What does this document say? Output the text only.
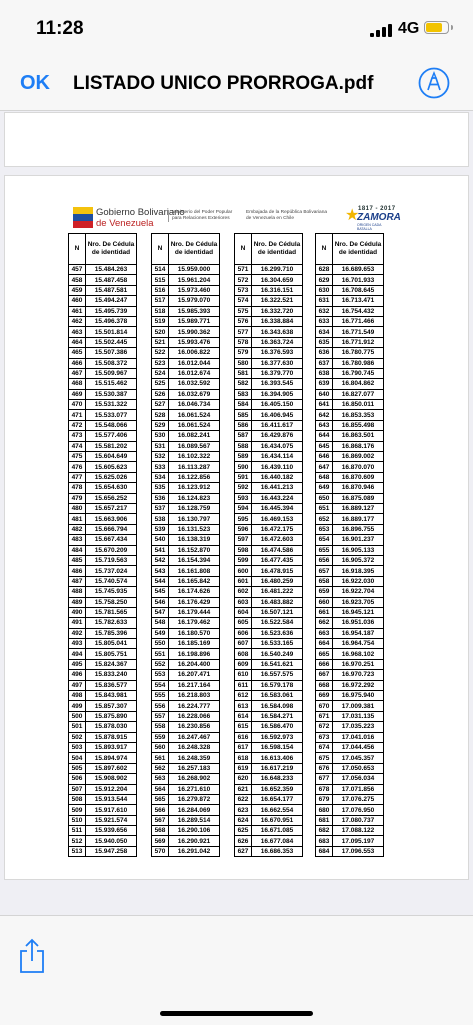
11:28	4G
OK LISTADO UNICO PRORROGA.pdf
Gobierno Bolivariano
de Venezuela
Ministerio del Poder Popular
para Relaciones Exteriores
Embajada de la República Bolivariana
de Venezuela en Chile	★
1817 - 2017
ZAMORA
ORIGEN CADA BATALLA
N	Nro. De Cédula de identidad
457	15.484.263
458	15.487.458
459	15.487.581
460	15.494.247
461	15.495.739
462	15.496.378
463	15.501.814
464	15.502.445
465	15.507.386
466	15.508.372
467	15.509.967
468	15.515.462
469	15.530.387
470	15.531.322
471	15.533.077
472	15.548.066
473	15.577.406
474	15.581.202
475	15.604.649
476	15.605.623
477	15.625.026
478	15.654.630
479	15.656.252
480	15.657.217
481	15.663.906
482	15.666.794
483	15.667.434
484	15.670.209
485	15.719.563
486	15.737.024
487	15.740.574
488	15.745.935
489	15.758.250
490	15.781.565
491	15.782.633
492	15.785.396
493	15.805.041
494	15.805.751
495	15.824.367
496	15.833.240
497	15.836.577
498	15.843.981
499	15.857.307
500	15.875.890
501	15.878.030
502	15.878.915
503	15.893.917
504	15.894.974
505	15.897.602
506	15.908.902
507	15.912.204
508	15.913.544
509	15.917.610
510	15.921.574
511	15.939.656
512	15.940.050
513	15.947.258
N	Nro. De Cédula de identidad
514	15.959.000
515	15.961.204
516	15.973.460
517	15.979.070
518	15.985.393
519	15.989.771
520	15.990.362
521	15.993.476
522	16.006.822
523	16.012.044
524	16.012.674
525	16.032.592
526	16.032.679
527	16.046.734
528	16.061.524
529	16.061.524
530	16.082.241
531	16.089.567
532	16.102.322
533	16.113.287
534	16.122.856
535	16.123.912
536	16.124.823
537	16.128.759
538	16.130.797
539	16.131.523
540	16.138.319
541	16.152.870
542	16.154.394
543	16.161.808
544	16.165.842
545	16.174.626
546	16.176.429
547	16.179.444
548	16.179.462
549	16.180.570
550	16.185.169
551	16.198.896
552	16.204.400
553	16.207.471
554	16.217.164
555	16.218.803
556	16.224.777
557	16.228.066
558	16.230.856
559	16.247.467
560	16.248.328
561	16.248.359
562	16.257.183
563	16.268.902
564	16.271.610
565	16.279.872
566	16.284.069
567	16.289.514
568	16.290.106
569	16.290.921
570	16.291.042
N	Nro. De Cédula de identidad
571	16.299.710
572	16.304.659
573	16.316.151
574	16.322.521
575	16.332.720
576	16.338.884
577	16.343.638
578	16.363.724
579	16.376.593
580	16.377.630
581	16.379.770
582	16.393.545
583	16.394.905
584	16.405.150
585	16.406.945
586	16.411.617
587	16.429.876
588	16.434.075
589	16.434.114
590	16.439.110
591	16.440.182
592	16.441.213
593	16.443.224
594	16.445.394
595	16.469.153
596	16.472.175
597	16.472.603
598	16.474.586
599	16.477.435
600	16.478.915
601	16.480.259
602	16.481.222
603	16.483.882
604	16.507.121
605	16.522.584
606	16.523.636
607	16.533.165
608	16.540.249
609	16.541.621
610	16.557.575
611	16.579.178
612	16.583.061
613	16.584.098
614	16.584.271
615	16.586.470
616	16.592.973
617	16.598.154
618	16.613.406
619	16.617.219
620	16.648.233
621	16.652.359
622	16.654.177
623	16.662.554
624	16.670.951
625	16.671.085
626	16.677.084
627	16.686.353
N	Nro. De Cédula de identidad
628	16.689.653
629	16.701.933
630	16.708.645
631	16.713.471
632	16.754.432
633	16.771.466
634	16.771.549
635	16.771.912
636	16.780.775
637	16.780.986
638	16.790.745
639	16.804.862
640	16.827.077
641	16.850.011
642	16.853.353
643	16.855.498
644	16.863.501
645	16.868.176
646	16.869.002
647	16.870.070
648	16.870.609
649	16.870.946
650	16.875.089
651	16.889.127
652	16.889.177
653	16.896.755
654	16.901.237
655	16.905.133
656	16.905.372
657	16.918.395
658	16.922.030
659	16.922.704
660	16.923.705
661	16.945.121
662	16.951.036
663	16.954.187
664	16.964.754
665	16.968.102
666	16.970.251
667	16.970.723
668	16.972.292
669	16.975.940
670	17.009.381
671	17.031.135
672	17.035.223
673	17.041.016
674	17.044.456
675	17.045.357
676	17.050.653
677	17.056.034
678	17.071.856
679	17.076.275
680	17.076.950
681	17.080.737
682	17.088.122
683	17.095.197
684	17.096.553
